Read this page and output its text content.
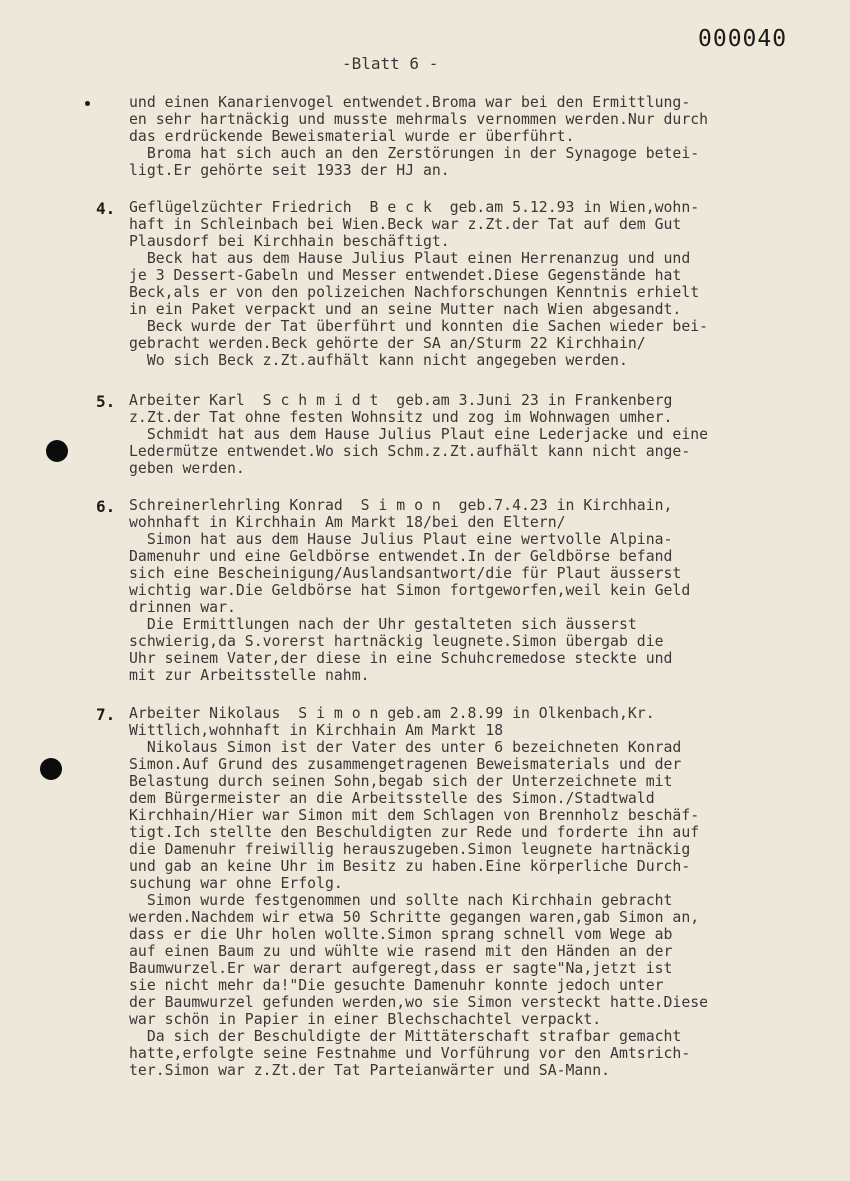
000040
-Blatt 6 -
und einen Kanarienvogel entwendet.Broma war bei den Ermittlung-
en sehr hartnäckig und musste mehrmals vernommen werden.Nur durch
das erdrückende Beweismaterial wurde er überführt.
Broma hat sich auch an den Zerstörungen in der Synagoge betei-
ligt.Er gehörte seit 1933 der HJ an.
4. Geflügelzüchter Friedrich  B e c k  geb.am 5.12.93 in Wien,wohn-
haft in Schleinbach bei Wien.Beck war z.Zt.der Tat auf dem Gut
Plausdorf bei Kirchhain beschäftigt.
Beck hat aus dem Hause Julius Plaut einen Herrenanzug und und
je 3 Dessert-Gabeln und Messer entwendet.Diese Gegenstände hat
Beck,als er von den polizeichen Nachforschungen Kenntnis erhielt
in ein Paket verpackt und an seine Mutter nach Wien abgesandt.
Beck wurde der Tat überführt und konnten die Sachen wieder bei-
gebracht werden.Beck gehörte der SA an/Sturm 22 Kirchhain/
Wo sich Beck z.Zt.aufhält kann nicht angegeben werden.
5. Arbeiter Karl  S c h m i d t  geb.am 3.Juni 23 in Frankenberg
z.Zt.der Tat ohne festen Wohnsitz und zog im Wohnwagen umher.
Schmidt hat aus dem Hause Julius Plaut eine Lederjacke und eine
Ledermütze entwendet.Wo sich Schm.z.Zt.aufhält kann nicht ange-
geben werden.
6. Schreinerlehrling Konrad  S i m o n  geb.7.4.23 in Kirchhain,
wohnhaft in Kirchhain Am Markt 18/bei den Eltern/
Simon hat aus dem Hause Julius Plaut eine wertvolle Alpina-
Damenuhr und eine Geldbörse entwendet.In der Geldbörse befand
sich eine Bescheinigung/Auslandsantwort/die für Plaut äusserst
wichtig war.Die Geldbörse hat Simon fortgeworfen,weil kein Geld
drinnen war.
Die Ermittlungen nach der Uhr gestalteten sich äusserst
schwierig,da S.vorerst hartnäckig leugnete.Simon übergab die
Uhr seinem Vater,der diese in eine Schuhcremedose steckte und
mit zur Arbeitsstelle nahm.
7. Arbeiter Nikolaus  S i m o n geb.am 2.8.99 in Olkenbach,Kr.
Wittlich,wohnhaft in Kirchhain Am Markt 18
Nikolaus Simon ist der Vater des unter 6 bezeichneten Konrad
Simon.Auf Grund des zusammengetragenen Beweismaterials und der
Belastung durch seinen Sohn,begab sich der Unterzeichnete mit
dem Bürgermeister an die Arbeitsstelle des Simon./Stadtwald
Kirchhain/Hier war Simon mit dem Schlagen von Brennholz beschäf-
tigt.Ich stellte den Beschuldigten zur Rede und forderte ihn auf
die Damenuhr freiwillig herauszugeben.Simon leugnete hartnäckig
und gab an keine Uhr im Besitz zu haben.Eine körperliche Durch-
suchung war ohne Erfolg.
Simon wurde festgenommen und sollte nach Kirchhain gebracht
werden.Nachdem wir etwa 50 Schritte gegangen waren,gab Simon an,
dass er die Uhr holen wollte.Simon sprang schnell vom Wege ab
auf einen Baum zu und wühlte wie rasend mit den Händen an der
Baumwurzel.Er war derart aufgeregt,dass er sagte"Na,jetzt ist
sie nicht mehr da!"Die gesuchte Damenuhr konnte jedoch unter
der Baumwurzel gefunden werden,wo sie Simon versteckt hatte.Diese
war schön in Papier in einer Blechschachtel verpackt.
Da sich der Beschuldigte der Mittäterschaft strafbar gemacht
hatte,erfolgte seine Festnahme und Vorführung vor den Amtsrich-
ter.Simon war z.Zt.der Tat Parteianwärter und SA-Mann.
